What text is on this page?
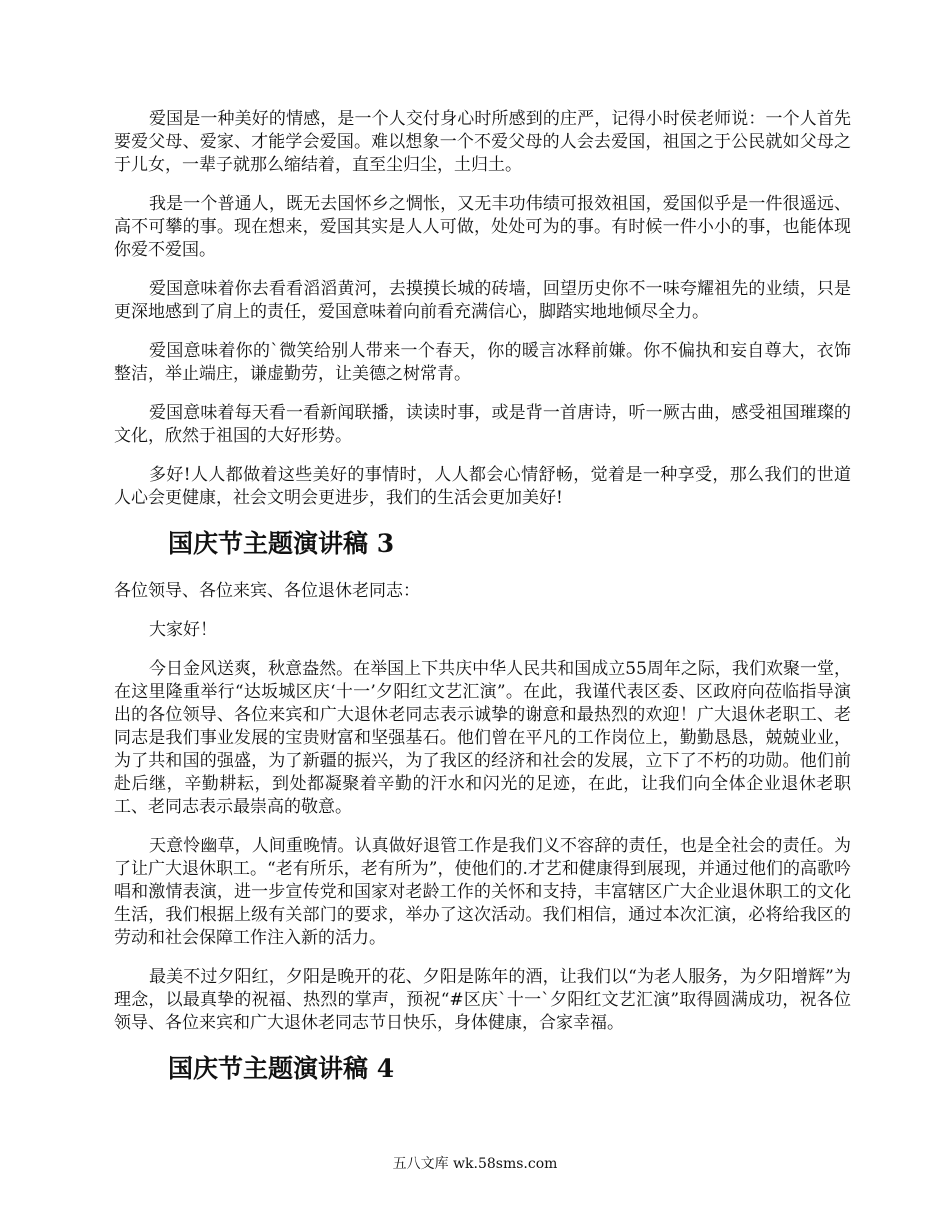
爱国是一种美好的情感，是一个人交付身心时所感到的庄严，记得小时侯老师说：一个人首先要爱父母、爱家、才能学会爱国。难以想象一个不爱父母的人会去爱国，祖国之于公民就如父母之于儿女，一辈子就那么缩结着，直至尘归尘，土归土。

我是一个普通人，既无去国怀乡之惆怅，又无丰功伟绩可报效祖国，爱国似乎是一件很遥远、高不可攀的事。现在想来，爱国其实是人人可做，处处可为的事。有时候一件小小的事，也能体现你爱不爱国。

爱国意味着你去看看滔滔黄河，去摸摸长城的砖墙，回望历史你不一味夸耀祖先的业绩，只是更深地感到了肩上的责任，爱国意味着向前看充满信心，脚踏实地地倾尽全力。

爱国意味着你的`微笑给别人带来一个春天，你的暖言冰释前嫌。你不偏执和妄自尊大，衣饰整洁，举止端庄，谦虚勤劳，让美德之树常青。

爱国意味着每天看一看新闻联播，读读时事，或是背一首唐诗，听一厥古曲，感受祖国璀璨的文化，欣然于祖国的大好形势。

多好!人人都做着这些美好的事情时，人人都会心情舒畅，觉着是一种享受，那么我们的世道人心会更健康，社会文明会更进步，我们的生活会更加美好!

国庆节主题演讲稿 3

各位领导、各位来宾、各位退休老同志：

大家好！

今日金风送爽，秋意盎然。在举国上下共庆中华人民共和国成立55周年之际，我们欢聚一堂，在这里隆重举行“达坂城区庆‘十一’夕阳红文艺汇演”。在此，我谨代表区委、区政府向莅临指导演出的各位领导、各位来宾和广大退休老同志表示诚挚的谢意和最热烈的欢迎！广大退休老职工、老同志是我们事业发展的宝贵财富和坚强基石。他们曾在平凡的工作岗位上，勤勤恳恳，兢兢业业，为了共和国的强盛，为了新疆的振兴，为了我区的经济和社会的发展，立下了不朽的功勋。他们前赴后继，辛勤耕耘，到处都凝聚着辛勤的汗水和闪光的足迹，在此，让我们向全体企业退休老职工、老同志表示最崇高的敬意。

天意怜幽草，人间重晚情。认真做好退管工作是我们义不容辞的责任，也是全社会的责任。为了让广大退休职工。“老有所乐，老有所为”，使他们的.才艺和健康得到展现，并通过他们的高歌吟唱和激情表演，进一步宣传党和国家对老龄工作的关怀和支持，丰富辖区广大企业退休职工的文化生活，我们根据上级有关部门的要求，举办了这次活动。我们相信，通过本次汇演，必将给我区的劳动和社会保障工作注入新的活力。

最美不过夕阳红，夕阳是晚开的花、夕阳是陈年的酒，让我们以“为老人服务，为夕阳增辉”为理念，以最真挚的祝福、热烈的掌声，预祝“#区庆`十一`夕阳红文艺汇演”取得圆满成功，祝各位领导、各位来宾和广大退休老同志节日快乐，身体健康，合家幸福。

国庆节主题演讲稿 4
五八文库 wk.58sms.com
